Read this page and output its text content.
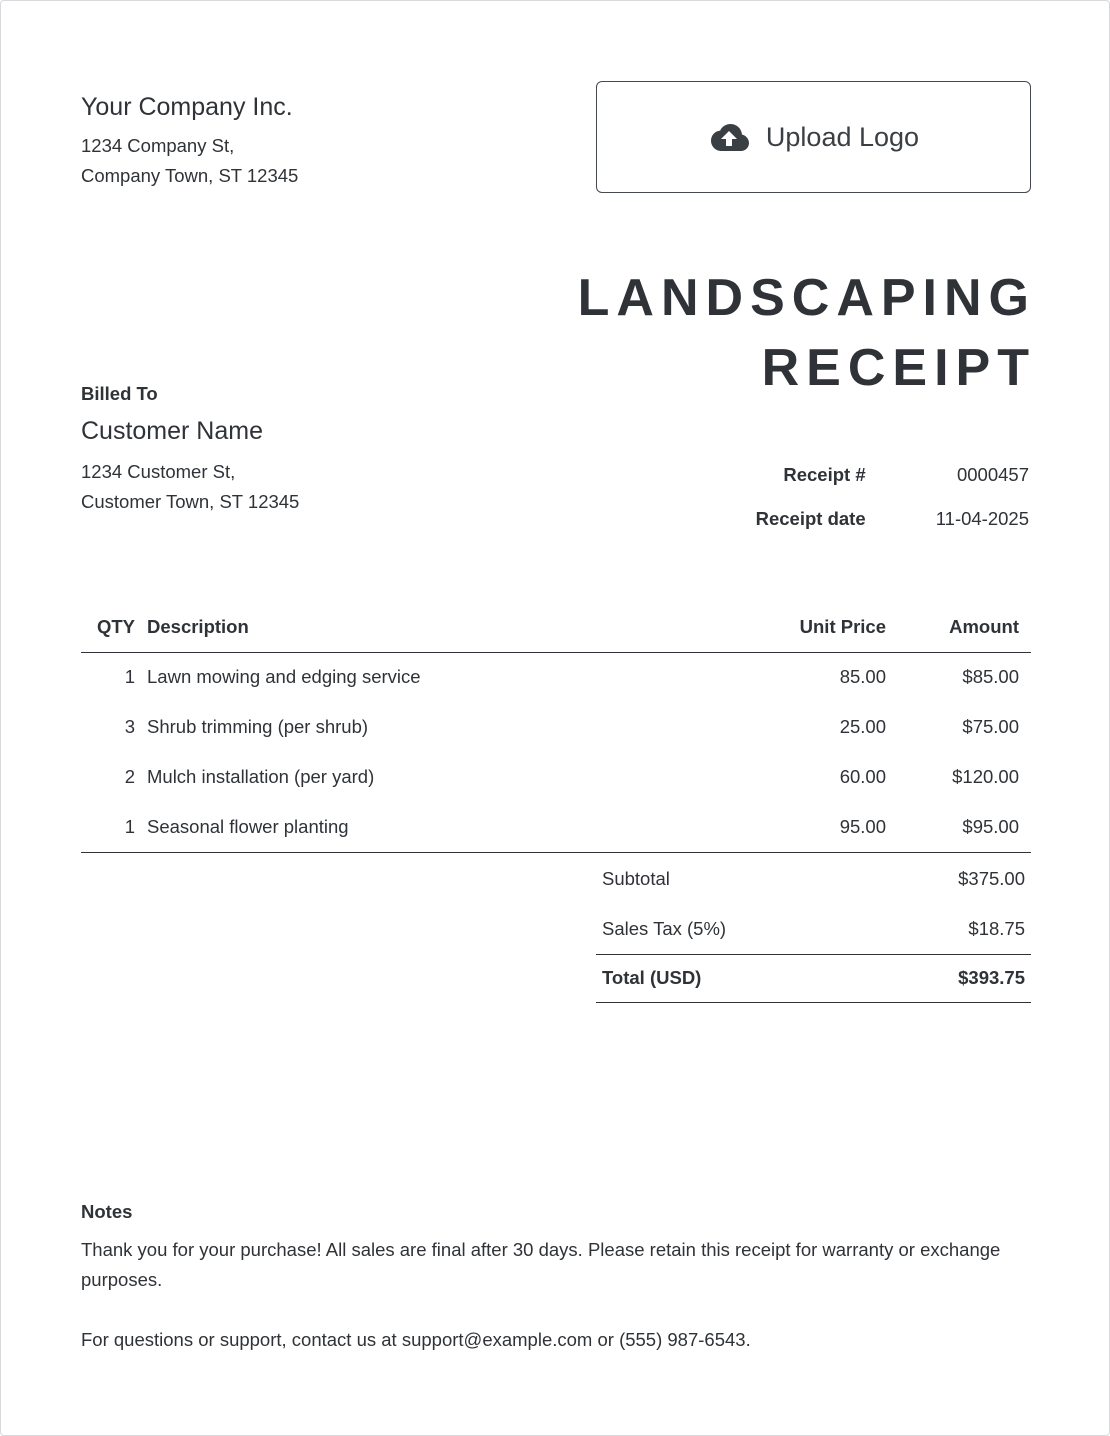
Your Company Inc.
1234 Company St,
Company Town, ST 12345
Upload Logo
LANDSCAPING
RECEIPT
Billed To
Customer Name
1234 Customer St,
Customer Town, ST 12345
Receipt #	0000457
Receipt date	11-04-2025
QTY	Description	Unit Price	Amount
1	Lawn mowing and edging service	85.00	$85.00
3	Shrub trimming (per shrub)	25.00	$75.00
2	Mulch installation (per yard)	60.00	$120.00
1	Seasonal flower planting	95.00	$95.00
Subtotal	$375.00
Sales Tax (5%)	$18.75
Total (USD)	$393.75
Notes
Thank you for your purchase! All sales are final after 30 days. Please retain this receipt for warranty or exchange purposes.
For questions or support, contact us at support@example.com or (555) 987-6543.
